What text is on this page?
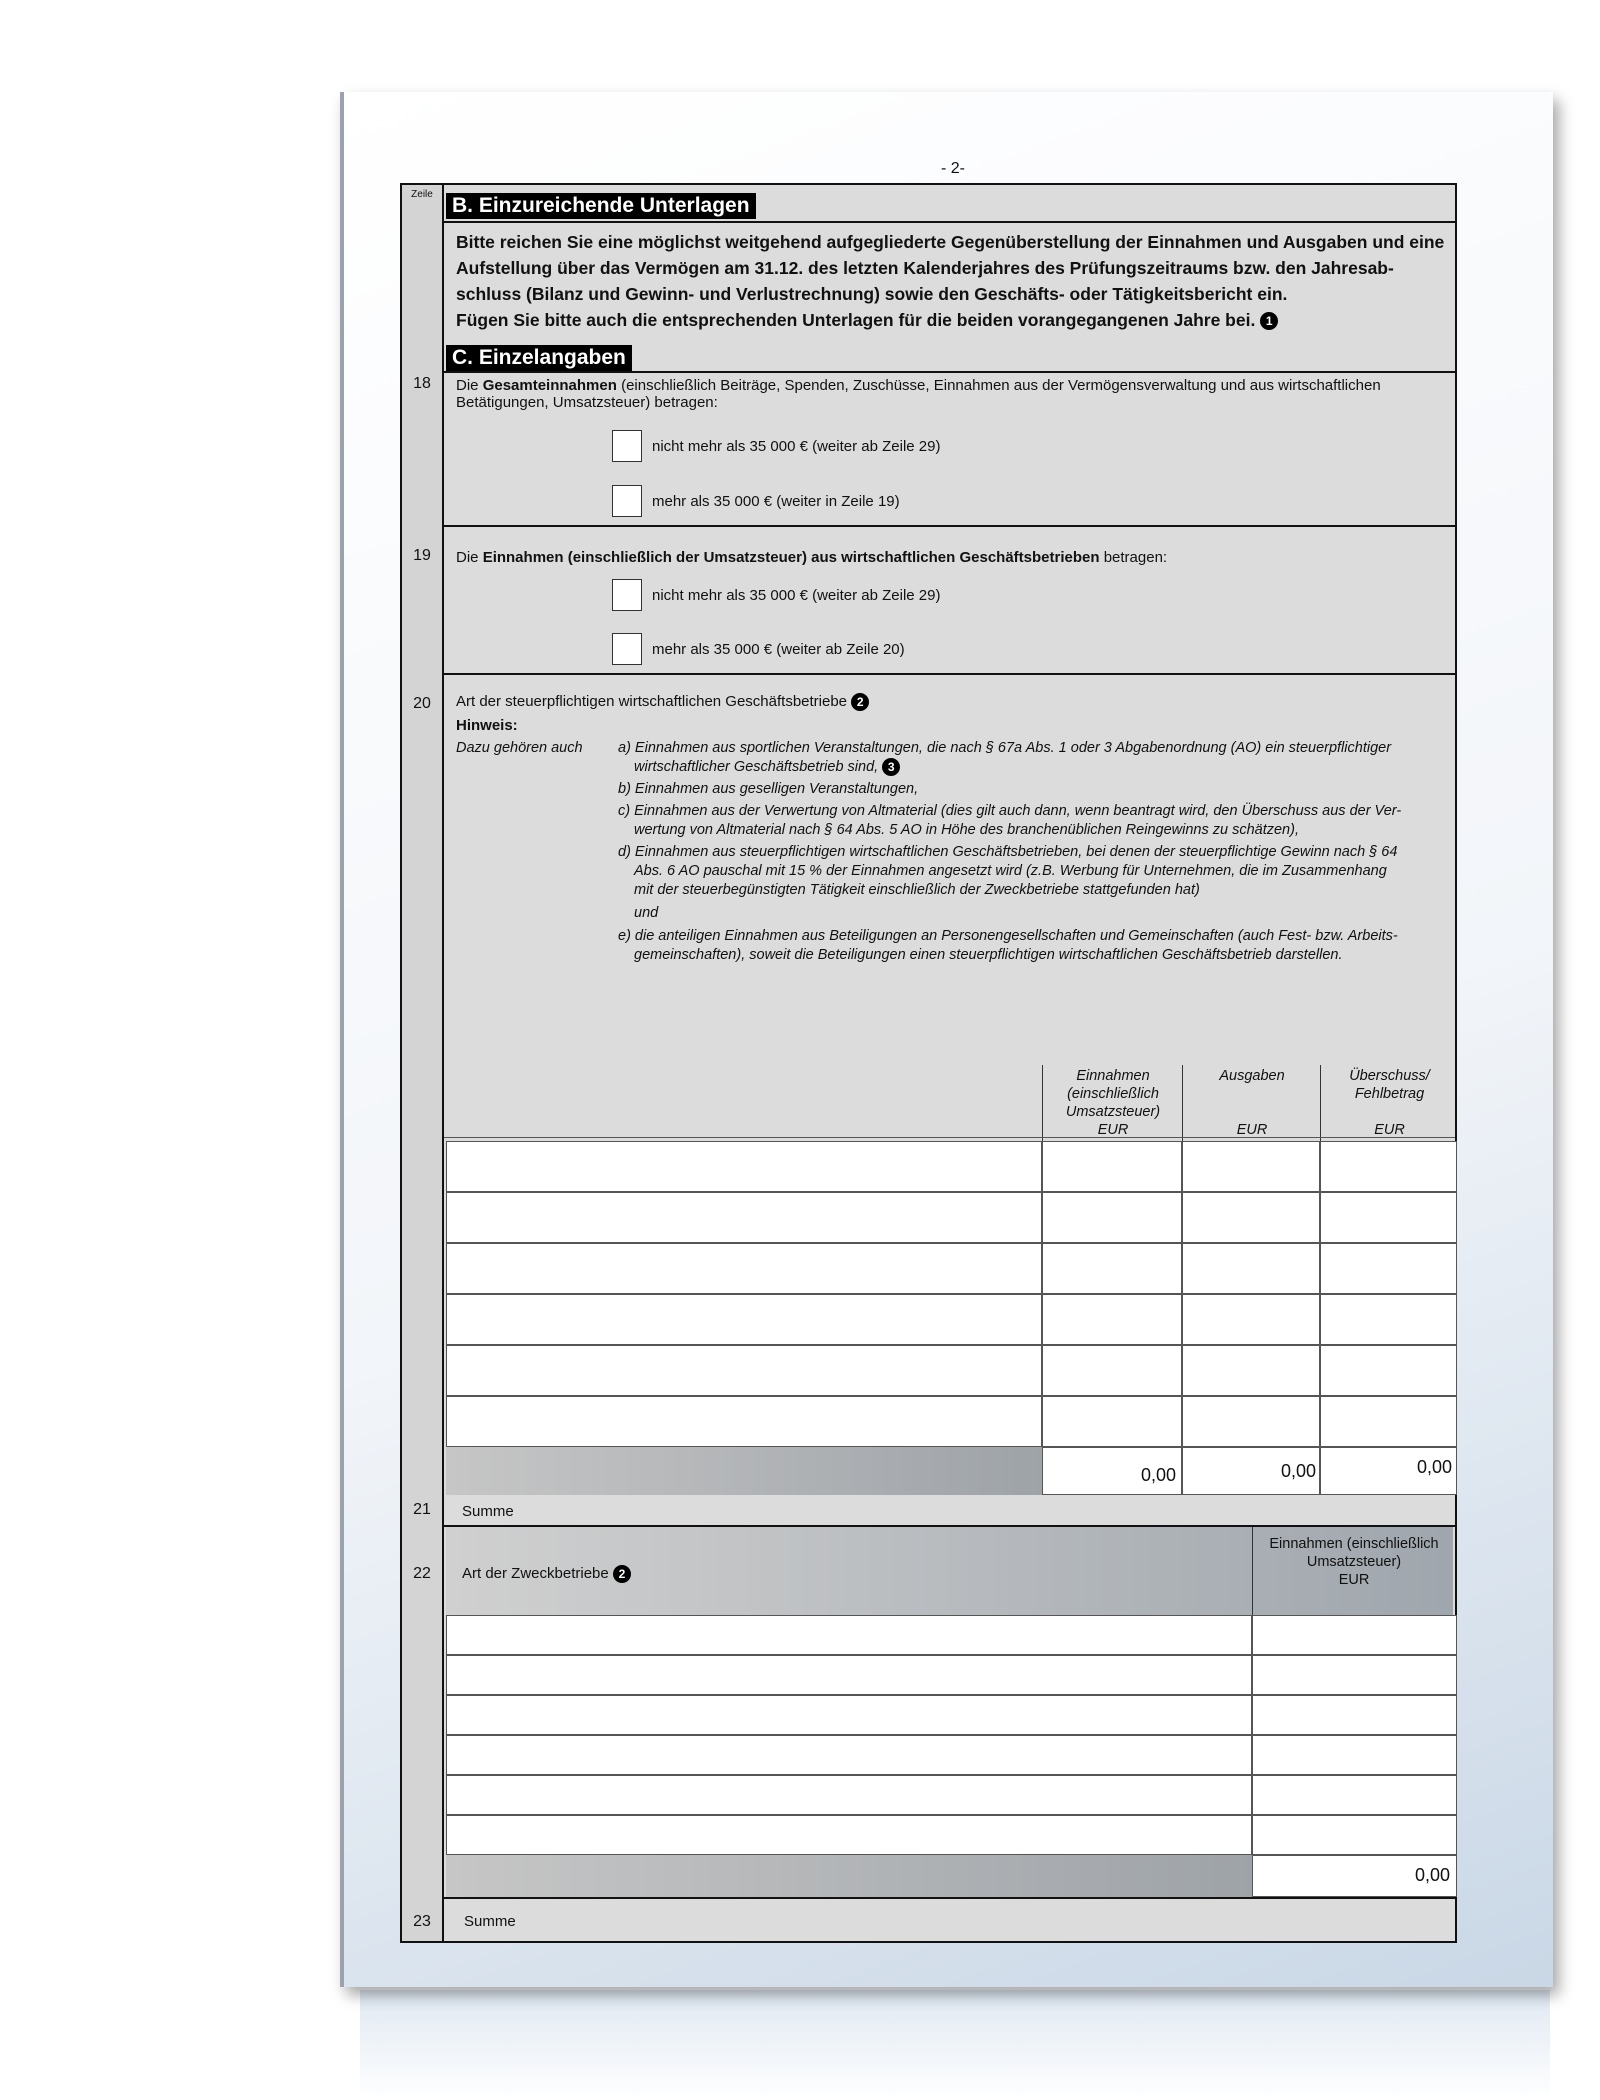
- 2-
Zeile
18
19
20
21
22
23
B. Einzureichende Unterlagen
Bitte reichen Sie eine möglichst weitgehend aufgegliederte Gegenüberstellung der Einnahmen und Ausgaben und eine
Aufstellung über das Vermögen am 31.12. des letzten Kalenderjahres des Prüfungszeitraums bzw. den Jahresab-
schluss (Bilanz und Gewinn- und Verlustrechnung) sowie den Geschäfts- oder Tätigkeitsbericht ein.
Fügen Sie bitte auch die entsprechenden Unterlagen für die beiden vorangegangenen Jahre bei. 1
C. Einzelangaben
Die Gesamteinnahmen (einschließlich Beiträge, Spenden, Zuschüsse, Einnahmen aus der Vermögensverwaltung und aus wirtschaftlichen
Betätigungen, Umsatzsteuer) betragen:
nicht mehr als 35 000 € (weiter ab Zeile 29)
mehr als 35 000 € (weiter in Zeile 19)
Die Einnahmen (einschließlich der Umsatzsteuer) aus wirtschaftlichen Geschäftsbetrieben betragen:
nicht mehr als 35 000 € (weiter ab Zeile 29)
mehr als 35 000 € (weiter ab Zeile 20)
Art der steuerpflichtigen wirtschaftlichen Geschäftsbetriebe 2
Hinweis:
Dazu gehören auch a) Einnahmen aus sportlichen Veranstaltungen, die nach § 67a Abs. 1 oder 3 Abgabenordnung (AO) ein steuerpflichtiger
wirtschaftlicher Geschäftsbetrieb sind, 3
b) Einnahmen aus geselligen Veranstaltungen,
c) Einnahmen aus der Verwertung von Altmaterial (dies gilt auch dann, wenn beantragt wird, den Überschuss aus der Ver-
wertung von Altmaterial nach § 64 Abs. 5 AO in Höhe des branchenüblichen Reingewinns zu schätzen),
d) Einnahmen aus steuerpflichtigen wirtschaftlichen Geschäftsbetrieben, bei denen der steuerpflichtige Gewinn nach § 64
Abs. 6 AO pauschal mit 15 % der Einnahmen angesetzt wird (z.B. Werbung für Unternehmen, die im Zusammenhang
mit der steuerbegünstigten Tätigkeit einschließlich der Zweckbetriebe stattgefunden hat)
und
e) die anteiligen Einnahmen aus Beteiligungen an Personengesellschaften und Gemeinschaften (auch Fest- bzw. Arbeits-
gemeinschaften), soweit die Beteiligungen einen steuerpflichtigen wirtschaftlichen Geschäftsbetrieb darstellen.
Einnahmen (einschließlich Umsatzsteuer)
EUR
Ausgaben
EUR
Überschuss/ Fehlbetrag
EUR
0,00	0,00	0,00
Summe
Art der Zweckbetriebe 2
Einnahmen (einschließlich Umsatzsteuer)
EUR
0,00
Summe
